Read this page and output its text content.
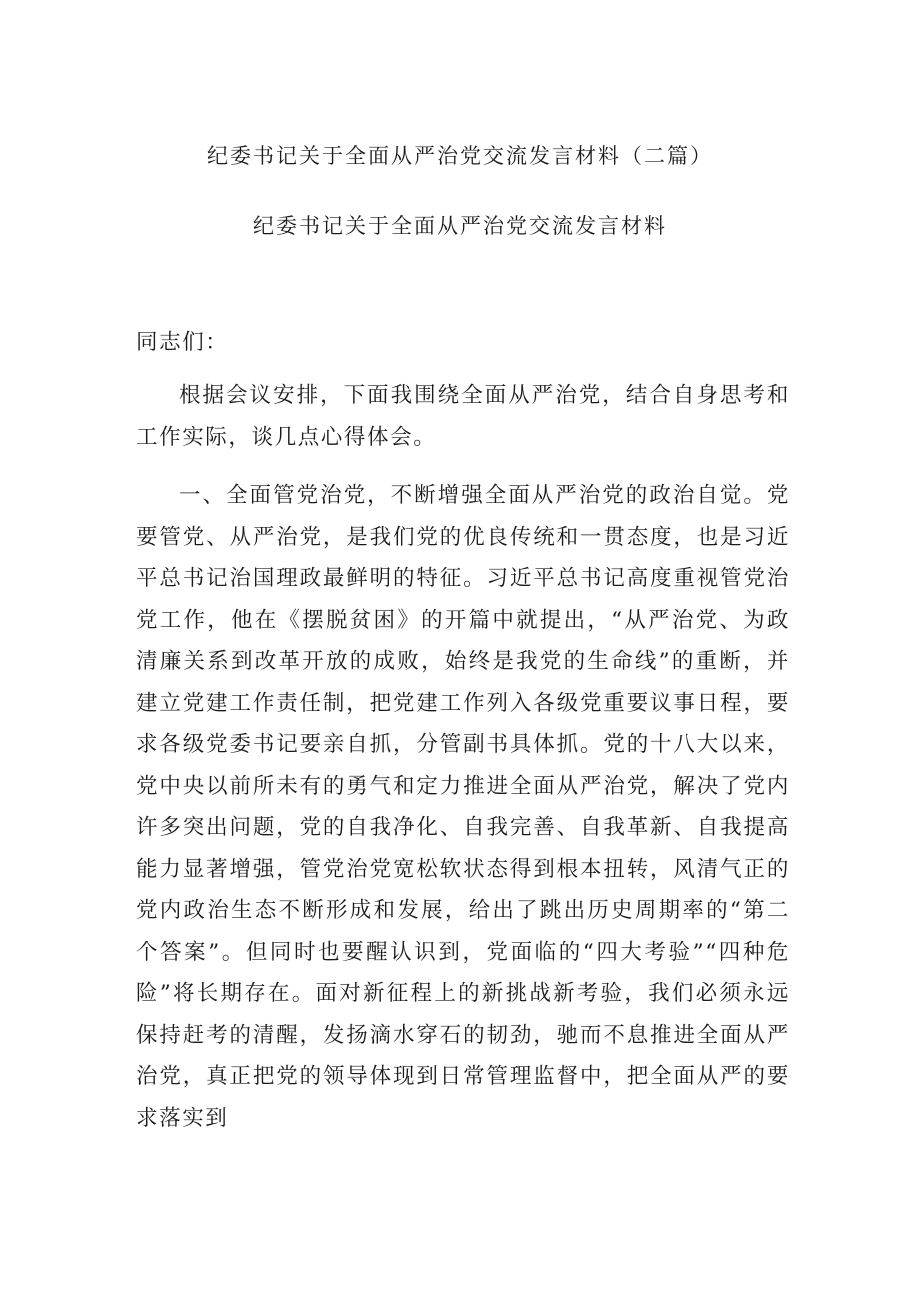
纪委书记关于全面从严治党交流发言材料（二篇）
纪委书记关于全面从严治党交流发言材料

同志们：

根据会议安排，下面我围绕全面从严治党，结合自身思考和工作实际，谈几点心得体会。

一、全面管党治党，不断增强全面从严治党的政治自觉。党要管党、从严治党，是我们党的优良传统和一贯态度，也是习近平总书记治国理政最鲜明的特征。习近平总书记高度重视管党治党工作，他在《摆脱贫困》的开篇中就提出，“从严治党、为政清廉关系到改革开放的成败，始终是我党的生命线”的重断，并建立党建工作责任制，把党建工作列入各级党重要议事日程，要求各级党委书记要亲自抓，分管副书具体抓。党的十八大以来，党中央以前所未有的勇气和定力推进全面从严治党，解决了党内许多突出问题，党的自我净化、自我完善、自我革新、自我提高能力显著增强，管党治党宽松软状态得到根本扭转，风清气正的党内政治生态不断形成和发展，给出了跳出历史周期率的“第二个答案”。但同时也要醒认识到，党面临的“四大考验”“四种危险”将长期存在。面对新征程上的新挑战新考验，我们必须永远保持赶考的清醒，发扬滴水穿石的韧劲，驰而不息推进全面从严治党，真正把党的领导体现到日常管理监督中，把全面从严的要求落实到
